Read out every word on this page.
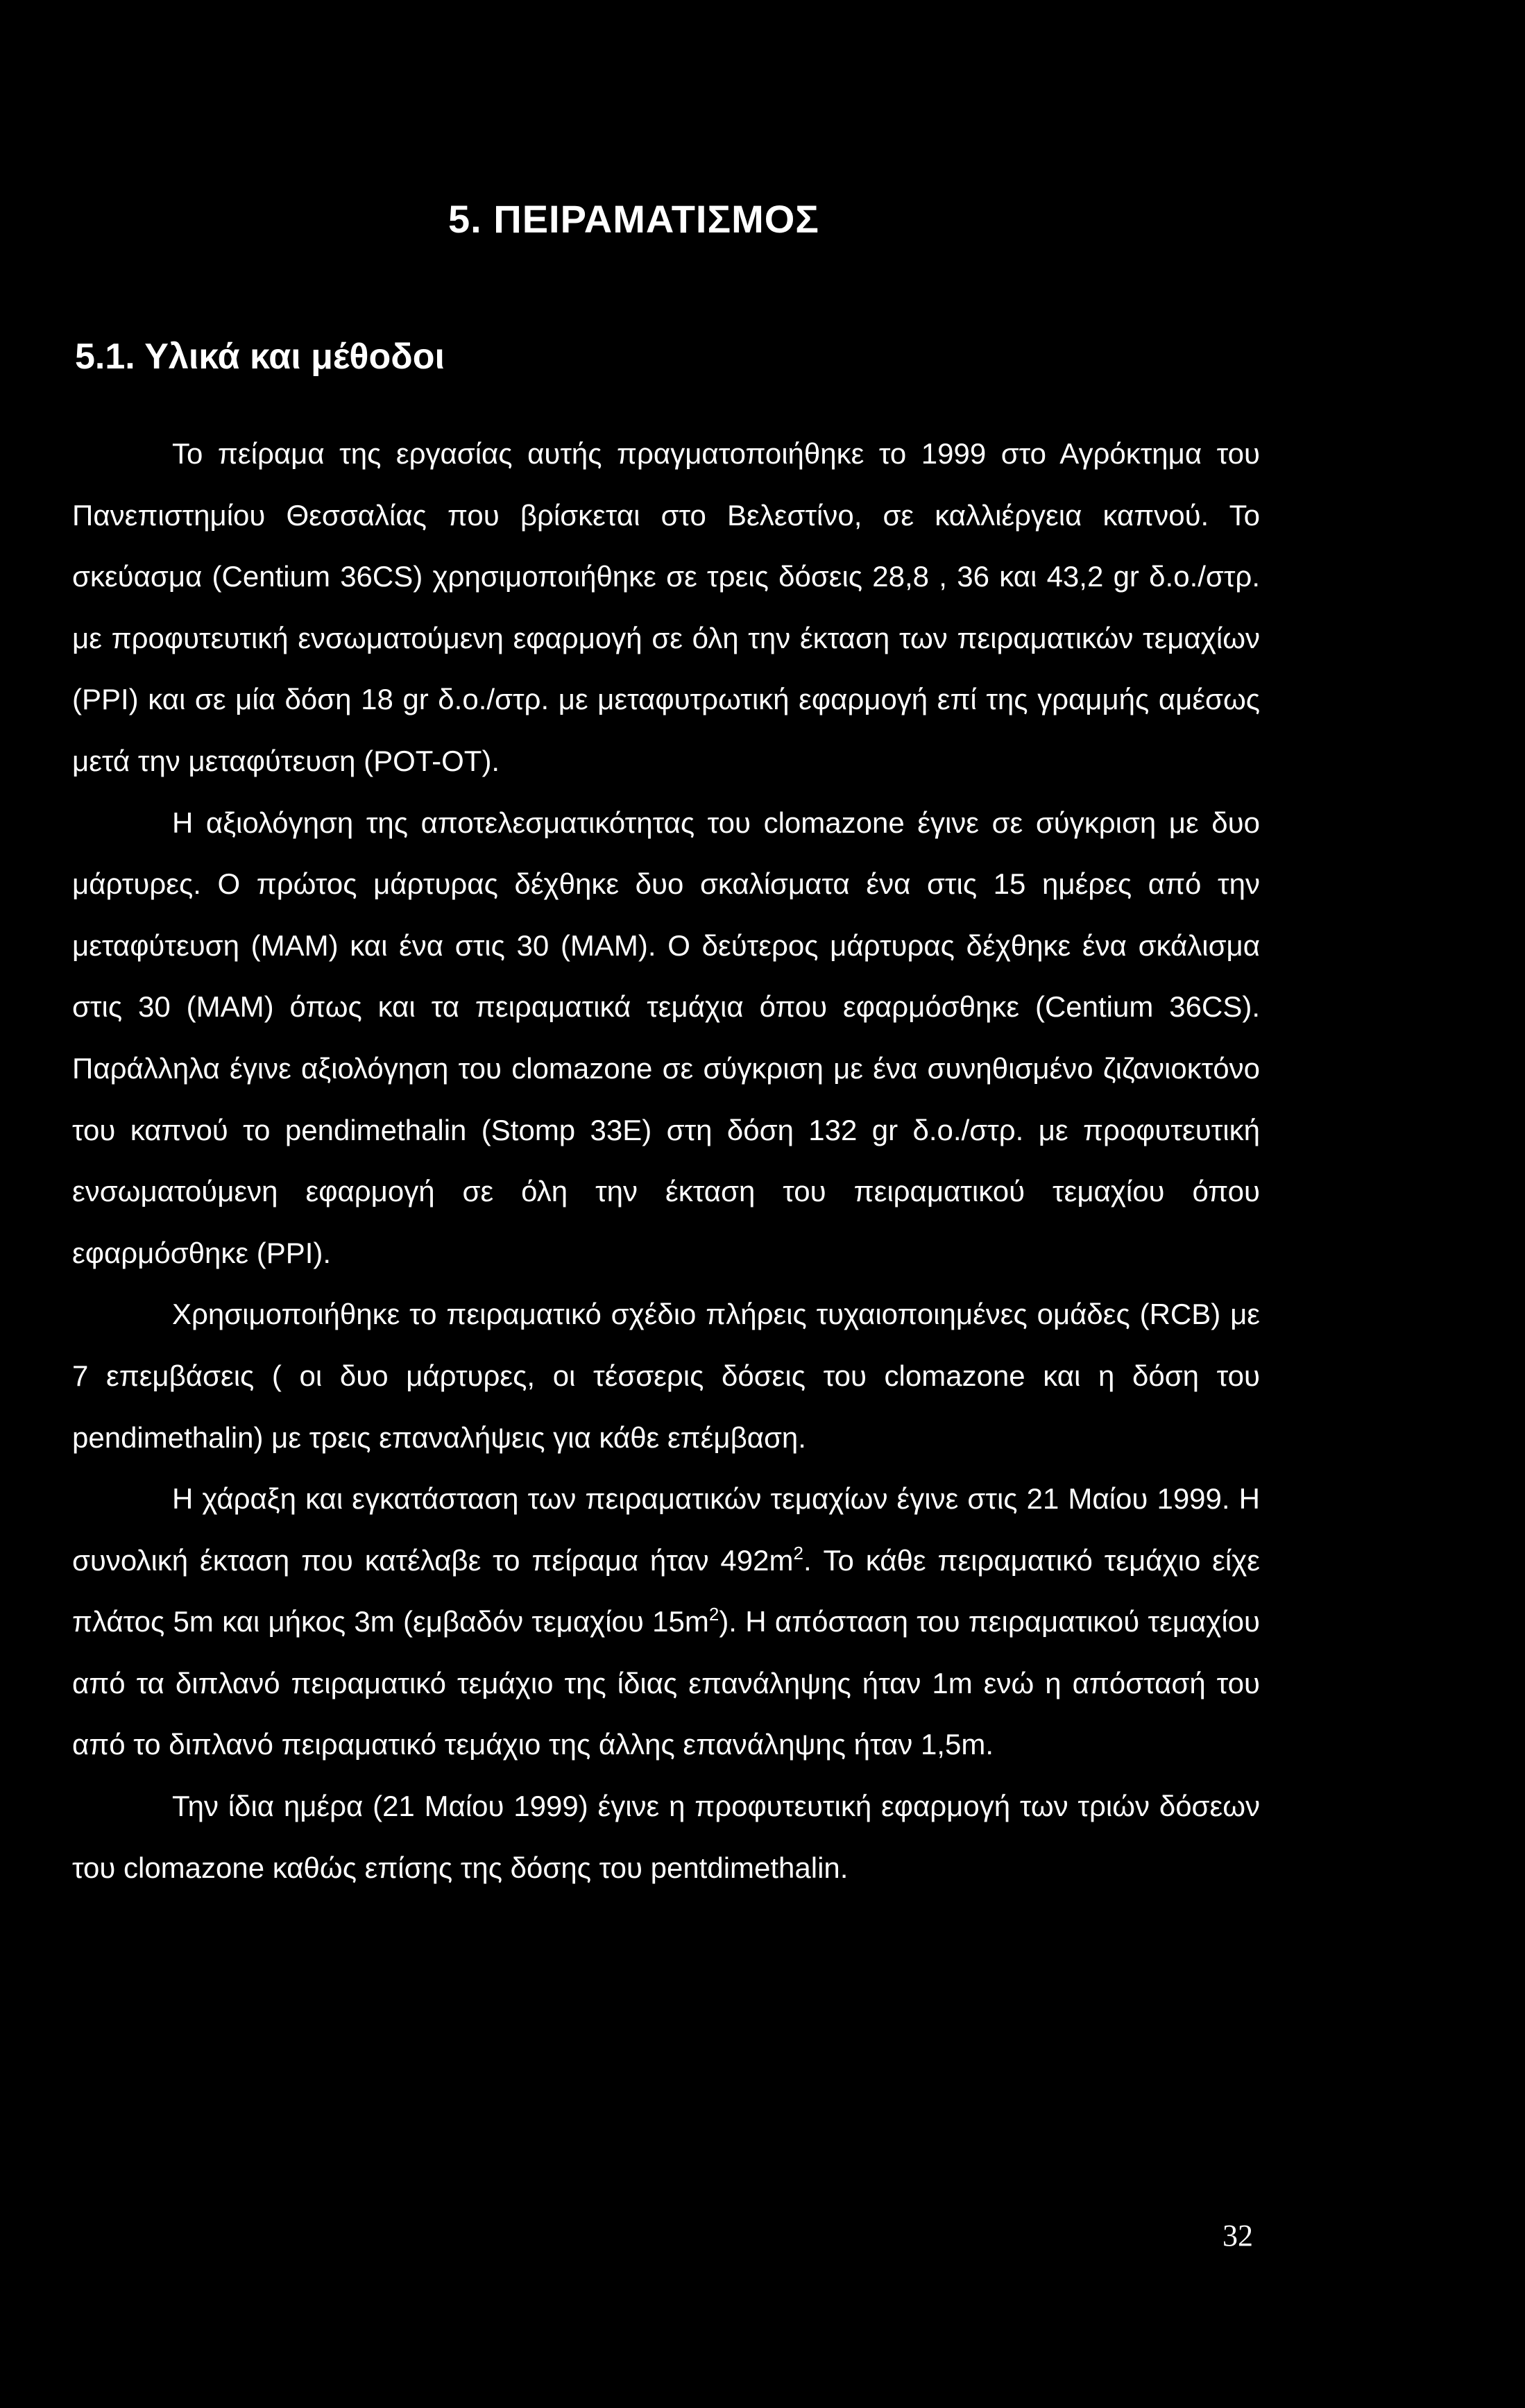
5. ΠΕΙΡΑΜΑΤΙΣΜΟΣ
5.1. Υλικά και μέθοδοι

Το πείραμα της εργασίας αυτής πραγματοποιήθηκε το 1999 στο Αγρόκτημα του Πανεπιστημίου Θεσσαλίας που βρίσκεται στο Βελεστίνο, σε καλλιέργεια καπνού. Το σκεύασμα (Centium 36CS) χρησιμοποιήθηκε σε τρεις δόσεις 28,8 , 36 και 43,2 gr δ.ο./στρ. με προφυτευτική ενσωματούμενη εφαρμογή σε όλη την έκταση των πειραματικών τεμαχίων (PPI) και σε μία δόση 18 gr δ.ο./στρ. με μεταφυτρωτική εφαρμογή επί της γραμμής αμέσως μετά την μεταφύτευση (POT-OT).

Η αξιολόγηση της αποτελεσματικότητας του clomazone έγινε σε σύγκριση με δυο μάρτυρες. Ο πρώτος μάρτυρας δέχθηκε δυο σκαλίσματα ένα στις 15 ημέρες από την μεταφύτευση (MAM) και ένα στις 30 (MAM). Ο δεύτερος μάρτυρας δέχθηκε ένα σκάλισμα στις 30 (MAM) όπως και τα πειραματικά τεμάχια όπου εφαρμόσθηκε (Centium 36CS). Παράλληλα έγινε αξιολόγηση του clomazone σε σύγκριση με ένα συνηθισμένο ζιζανιοκτόνο του καπνού το pendimethalin (Stomp 33E) στη δόση 132 gr δ.ο./στρ. με προφυτευτική ενσωματούμενη εφαρμογή σε όλη την έκταση του πειραματικού τεμαχίου όπου εφαρμόσθηκε (PPI).

Χρησιμοποιήθηκε το πειραματικό σχέδιο πλήρεις τυχαιοποιημένες ομάδες (RCB) με 7 επεμβάσεις ( οι δυο μάρτυρες, οι τέσσερις δόσεις του clomazone και η δόση του pendimethalin) με τρεις επαναλήψεις για κάθε επέμβαση.

Η χάραξη και εγκατάσταση των πειραματικών τεμαχίων έγινε στις 21 Μαίου 1999. Η συνολική έκταση που κατέλαβε το πείραμα ήταν $492m^2$. Το κάθε πειραματικό τεμάχιο είχε πλάτος 5m και μήκος 3m (εμβαδόν τεμαχίου $15m^2$). Η απόσταση του πειραματικού τεμαχίου από τα διπλανό πειραματικό τεμάχιο της ίδιας επανάληψης ήταν 1m ενώ η απόστασή του από το διπλανό πειραματικό τεμάχιο της άλλης επανάληψης ήταν 1,5m.

Την ίδια ημέρα (21 Μαίου 1999) έγινε η προφυτευτική εφαρμογή των τριών δόσεων του clomazone καθώς επίσης της δόσης του pentdimethalin.

32
